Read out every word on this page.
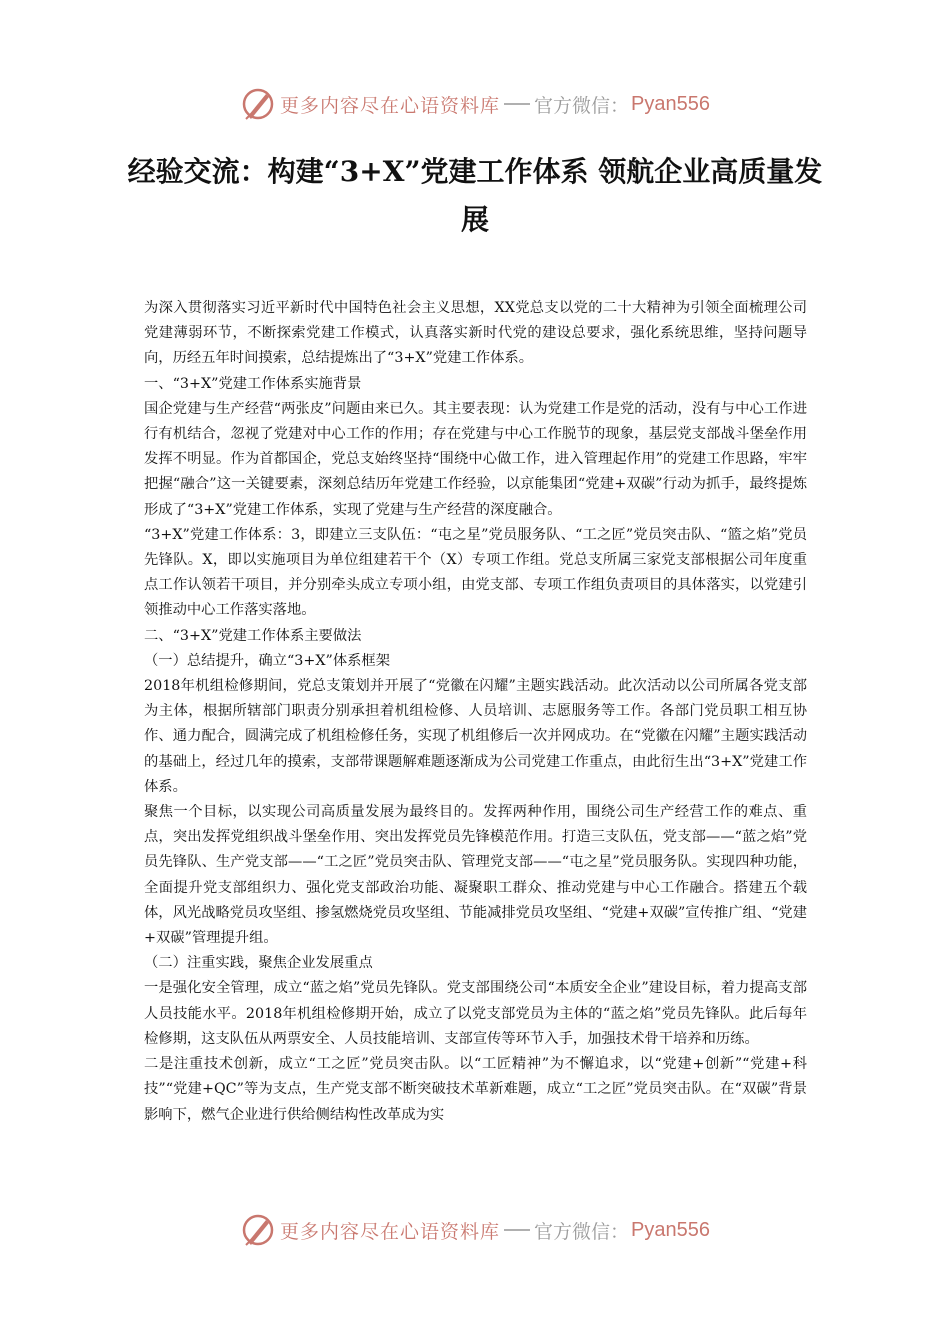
更多内容尽在心语资料库 官方微信： Pyan556
经验交流：构建“3+X”党建工作体系 领航企业高质量发展

为深入贯彻落实习近平新时代中国特色社会主义思想，XX党总支以党的二十大精神为引领全面梳理公司党建薄弱环节，不断探索党建工作模式，认真落实新时代党的建设总要求，强化系统思维，坚持问题导向，历经五年时间摸索，总结提炼出了“3+X”党建工作体系。

一、“3+X”党建工作体系实施背景

国企党建与生产经营“两张皮”问题由来已久。其主要表现：认为党建工作是党的活动，没有与中心工作进行有机结合，忽视了党建对中心工作的作用；存在党建与中心工作脱节的现象，基层党支部战斗堡垒作用发挥不明显。作为首都国企，党总支始终坚持“围绕中心做工作，进入管理起作用”的党建工作思路，牢牢把握“融合”这一关键要素，深刻总结历年党建工作经验，以京能集团“党建+双碳”行动为抓手，最终提炼形成了“3+X”党建工作体系，实现了党建与生产经营的深度融合。

“3+X”党建工作体系：3，即建立三支队伍：“屯之星”党员服务队、“工之匠”党员突击队、“篮之焰”党员先锋队。X，即以实施项目为单位组建若干个（X）专项工作组。党总支所属三家党支部根据公司年度重点工作认领若干项目，并分别牵头成立专项小组，由党支部、专项工作组负责项目的具体落实，以党建引领推动中心工作落实落地。

二、“3+X”党建工作体系主要做法

（一）总结提升，确立“3+X”体系框架

2018年机组检修期间，党总支策划并开展了“党徽在闪耀”主题实践活动。此次活动以公司所属各党支部为主体，根据所辖部门职责分别承担着机组检修、人员培训、志愿服务等工作。各部门党员职工相互协作、通力配合，圆满完成了机组检修任务，实现了机组修后一次并网成功。在“党徽在闪耀”主题实践活动的基础上，经过几年的摸索，支部带课题解难题逐渐成为公司党建工作重点，由此衍生出“3+X”党建工作体系。

聚焦一个目标，以实现公司高质量发展为最终目的。发挥两种作用，围绕公司生产经营工作的难点、重点，突出发挥党组织战斗堡垒作用、突出发挥党员先锋模范作用。打造三支队伍，党支部——“蓝之焰”党员先锋队、生产党支部——“工之匠”党员突击队、管理党支部——“屯之星”党员服务队。实现四种功能，全面提升党支部组织力、强化党支部政治功能、凝聚职工群众、推动党建与中心工作融合。搭建五个载体，风光战略党员攻坚组、掺氢燃烧党员攻坚组、节能减排党员攻坚组、“党建+双碳”宣传推广组、“党建+双碳”管理提升组。

（二）注重实践，聚焦企业发展重点

一是强化安全管理，成立“蓝之焰”党员先锋队。党支部围绕公司“本质安全企业”建设目标，着力提高支部人员技能水平。2018年机组检修期开始，成立了以党支部党员为主体的“蓝之焰”党员先锋队。此后每年检修期，这支队伍从两票安全、人员技能培训、支部宣传等环节入手，加强技术骨干培养和历练。

二是注重技术创新，成立“工之匠”党员突击队。以“工匠精神”为不懈追求，以“党建+创新”“党建+科技”“党建+QC”等为支点，生产党支部不断突破技术革新难题，成立“工之匠”党员突击队。在“双碳”背景影响下，燃气企业进行供给侧结构性改革成为实

更多内容尽在心语资料库 官方微信： Pyan556
